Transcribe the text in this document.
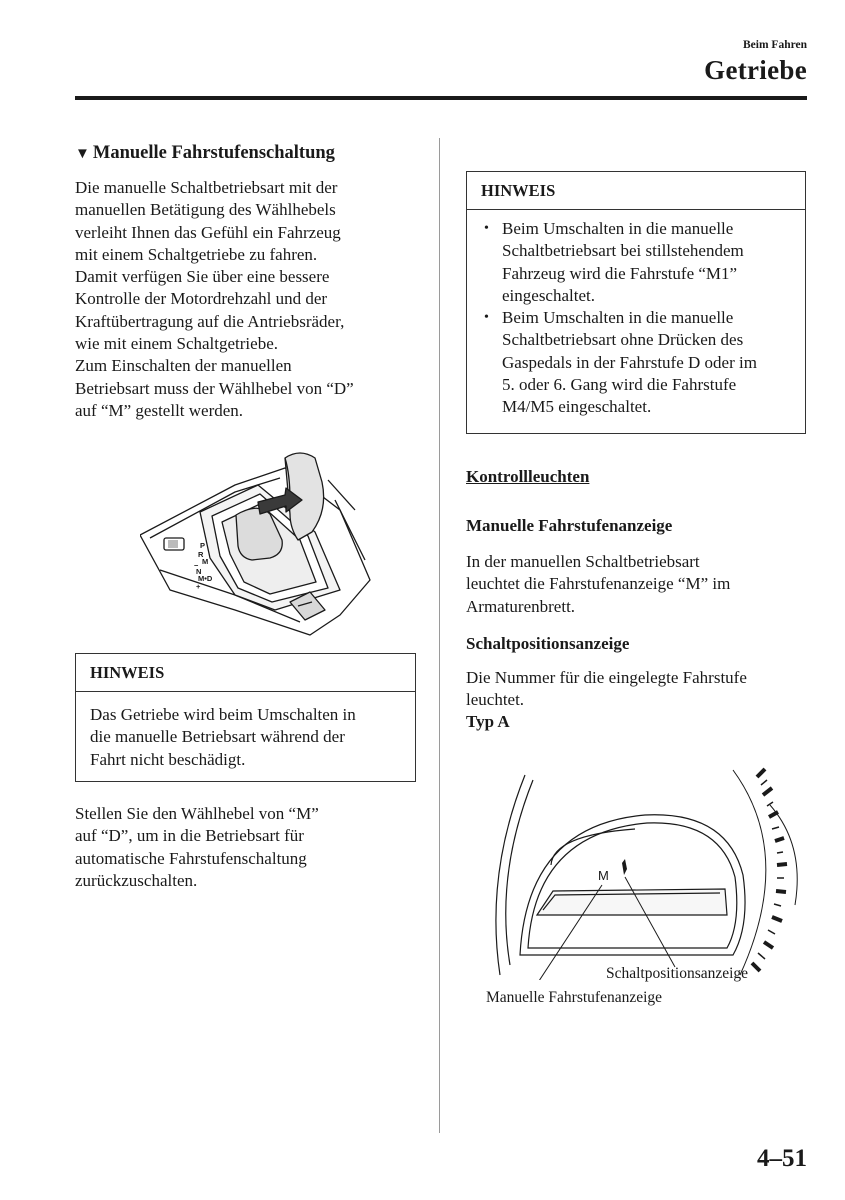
Beim Fahren
Getriebe
▼ Manuelle Fahrstufenschaltung
Die manuelle Schaltbetriebsart mit der
manuellen Betätigung des Wählhebels
verleiht Ihnen das Gefühl ein Fahrzeug
mit einem Schaltgetriebe zu fahren.
Damit verfügen Sie über eine bessere
Kontrolle der Motordrehzahl und der
Kraftübertragung auf die Antriebsräder,
wie mit einem Schaltgetriebe.
Zum Einschalten der manuellen
Betriebsart muss der Wählhebel von “D”
auf “M” gestellt werden.
P
R
M
−
N
M•D
+
HINWEIS
Das Getriebe wird beim Umschalten in
die manuelle Betriebsart während der
Fahrt nicht beschädigt.
Stellen Sie den Wählhebel von “M”
auf “D”, um in die Betriebsart für
automatische Fahrstufenschaltung
zurückzuschalten.
HINWEIS
• Beim Umschalten in die manuelle
Schaltbetriebsart bei stillstehendem
Fahrzeug wird die Fahrstufe “M1”
eingeschaltet.
• Beim Umschalten in die manuelle
Schaltbetriebsart ohne Drücken des
Gaspedals in der Fahrstufe D oder im
5. oder 6. Gang wird die Fahrstufe
M4/M5 eingeschaltet.
Kontrollleuchten
Manuelle Fahrstufenanzeige
In der manuellen Schaltbetriebsart
leuchtet die Fahrstufenanzeige “M” im
Armaturenbrett.
Schaltpositionsanzeige
Die Nummer für die eingelegte Fahrstufe
leuchtet.
Typ A
M
Schaltpositionsanzeige
Manuelle Fahrstufenanzeige
4–51
